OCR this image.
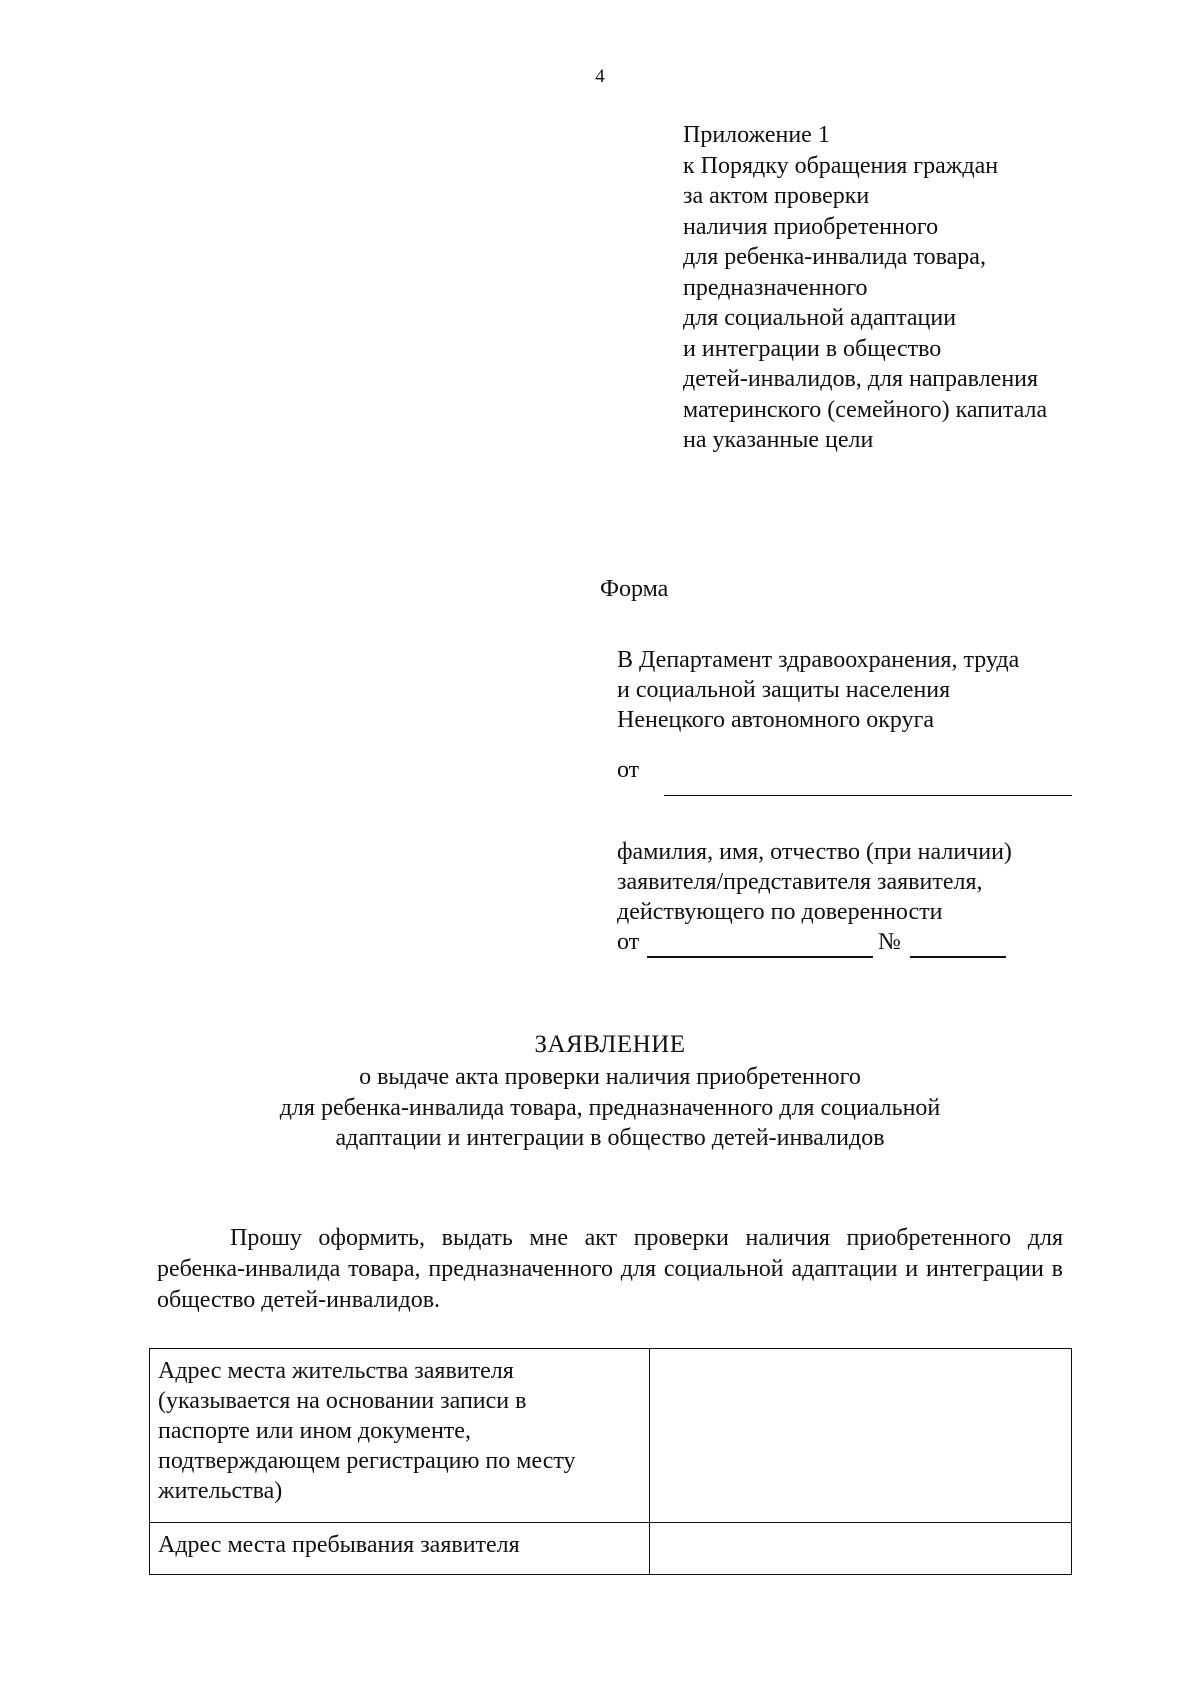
4
Приложение 1
к Порядку обращения граждан
за актом проверки
наличия приобретенного
для ребенка-инвалида товара,
предназначенного
для социальной адаптации
и интеграции в общество
детей-инвалидов, для направления
материнского (семейного) капитала
на указанные цели
Форма
В Департамент здравоохранения, труда
и социальной защиты населения
Ненецкого автономного округа
от
фамилия, имя, отчество (при наличии)
заявителя/представителя заявителя,
действующего по доверенности
от	№
ЗАЯВЛЕНИЕ
о выдаче акта проверки наличия приобретенного
для ребенка-инвалида товара, предназначенного для социальной
адаптации и интеграции в общество детей-инвалидов

Прошу оформить, выдать мне акт проверки наличия приобретенного для ребенка-инвалида товара, предназначенного для социальной адаптации и интеграции в общество детей-инвалидов.

Адрес места жительства заявителя
(указывается на основании записи в
паспорте или ином документе,
подтверждающем регистрацию по месту
жительства)	

Адрес места пребывания заявителя	
